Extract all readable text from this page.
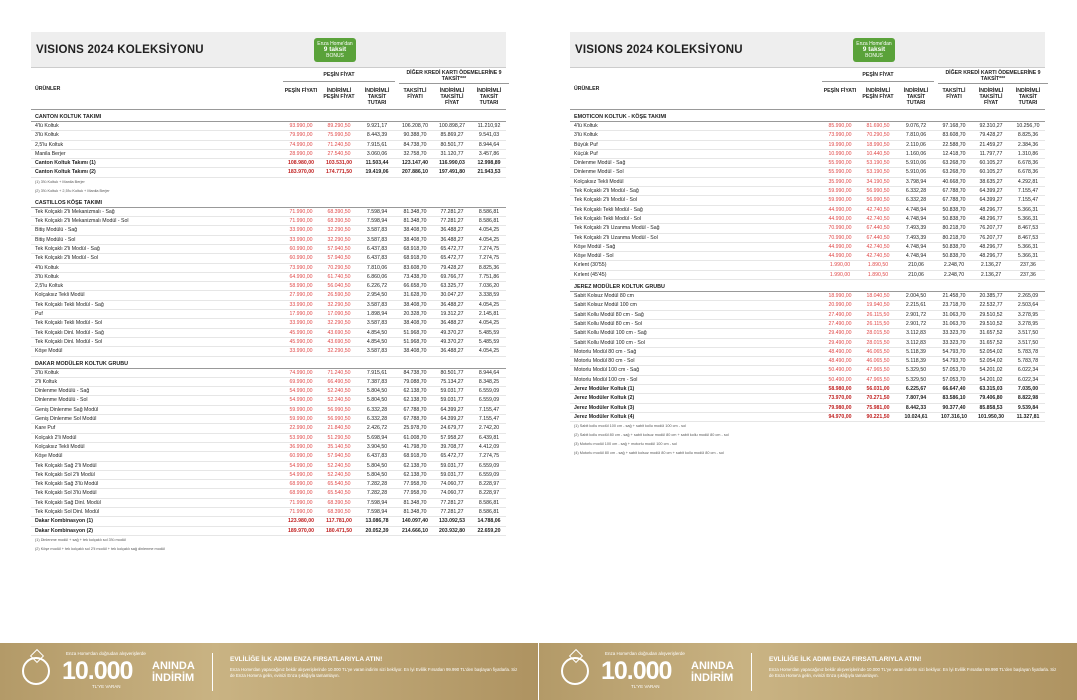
VISIONS 2024 KOLEKSİYONU	Enza Home'dan
9 taksit
BONUS
ÜRÜNLER
PEŞİN FİYAT	DİĞER KREDİ KARTI ÖDEMELERİNE 9 TAKSİT***
PEŞİN FİYATI	İNDİRİMLİ PEŞİN FİYAT
İNDİRİMLİ TAKSİT TUTARI
TAKSİTLİ FİYATI
İNDİRİMLİ TAKSİTLİ FİYAT
İNDİRİMLİ TAKSİT TUTARI
CANTON KOLTUK TAKIMI
4'lü Koltuk	93.990,00	89.290,50	9.921,17	106.208,70	100.898,27	11.210,92
3'lü Koltuk	79.990,00	75.990,50	8.443,39	90.388,70	85.869,27	9.541,03
2,5'lu Koltuk	74.990,00	71.240,50	7.915,61	84.738,70	80.501,77	8.944,64
Manila Berjer	28.990,00	27.540,50	3.060,06	32.758,70	31.120,77	3.457,86
Canton Koltuk Takımı (1)	108.980,00	103.531,00	11.503,44	123.147,40	116.990,03	12.998,89
Canton Koltuk Takımı (2)	183.970,00	174.771,50	19.419,06	207.886,10	197.491,80	21.943,53
(1) 3'lü Koltuk + Manila Berjer
(2) 3'lü Koltuk + 2,5'lu Koltuk + Manila Berjer
CASTILLOS KÖŞE TAKIMI
Tek Kolçaklı 2'li Mekanizmalı - Sağ	71.990,00	68.390,50	7.598,94	81.348,70	77.281,27	8.586,81
Tek Kolçaklı 2'li Mekanizmalı Modül - Sol	71.990,00	68.390,50	7.598,94	81.348,70	77.281,27	8.586,81
Bitiş Modülü - Sağ	33.990,00	32.290,50	3.587,83	38.408,70	36.488,27	4.054,25
Bitiş Modülü - Sol	33.990,00	32.290,50	3.587,83	38.408,70	36.488,27	4.054,25
Tek Kolçaklı 2'li Modül - Sağ	60.990,00	57.940,50	6.437,83	68.918,70	65.472,77	7.274,75
Tek Kolçaklı 2'li Modül - Sol	60.990,00	57.940,50	6.437,83	68.918,70	65.472,77	7.274,75
4'lü Koltuk	73.990,00	70.290,50	7.810,06	83.608,70	79.428,27	8.825,36
3'lü Koltuk	64.990,00	61.740,50	6.860,06	73.438,70	69.766,77	7.751,86
2,5'lu Koltuk	58.990,00	56.040,50	6.226,72	66.658,70	63.325,77	7.036,20
Kolçaksız Tekli Modül	27.990,00	26.590,50	2.954,50	31.628,70	30.047,27	3.338,59
Tek Kolçaklı Tekli Modül - Sağ	33.990,00	32.290,50	3.587,83	38.408,70	36.488,27	4.054,25
Puf	17.990,00	17.090,50	1.898,94	20.328,70	19.312,27	2.145,81
Tek Kolçaklı Tekli Modül - Sol	33.990,00	32.290,50	3.587,83	38.408,70	36.488,27	4.054,25
Tek Kolçaklı Dinl. Modül - Sağ	45.990,00	43.690,50	4.854,50	51.968,70	49.370,27	5.485,59
Tek Kolçaklı Dinl. Modül - Sol	45.990,00	43.690,50	4.854,50	51.968,70	49.370,27	5.485,59
Köşe Modül	33.990,00	32.290,50	3.587,83	38.408,70	36.488,27	4.054,25
DAKAR MODÜLER KOLTUK GRUBU
3'lü Koltuk	74.990,00	71.240,50	7.915,61	84.738,70	80.501,77	8.944,64
2'li Koltuk	69.990,00	66.490,50	7.387,83	79.088,70	75.134,27	8.348,25
Dinlenme Modülü - Sağ	54.990,00	52.240,50	5.804,50	62.138,70	59.031,77	6.559,09
Dinlenme Modülü - Sol	54.990,00	52.240,50	5.804,50	62.138,70	59.031,77	6.559,09
Geniş Dinlenme Sağ Modül	59.990,00	56.990,50	6.332,28	67.788,70	64.399,27	7.155,47
Geniş Dinlenme Sol Modül	59.990,00	56.990,50	6.332,28	67.788,70	64.399,27	7.155,47
Kare Puf	22.990,00	21.840,50	2.426,72	25.978,70	24.679,77	2.742,20
Kolçaklı 2'li Modül	53.990,00	51.290,50	5.698,94	61.008,70	57.958,27	6.439,81
Kolçaksız Tekli Modül	36.990,00	35.140,50	3.904,50	41.798,70	39.708,77	4.412,09
Köşe Modül	60.990,00	57.940,50	6.437,83	68.918,70	65.472,77	7.274,75
Tek Kolçaklı Sağ 2'li Modül	54.990,00	52.240,50	5.804,50	62.138,70	59.031,77	6.559,09
Tek Kolçaklı Sol 2'li Modül	54.990,00	52.240,50	5.804,50	62.138,70	59.031,77	6.559,09
Tek Kolçaklı Sağ 3'lü Modül	68.990,00	65.540,50	7.282,28	77.958,70	74.060,77	8.228,97
Tek Kolçaklı Sol 3'lü Modül	68.990,00	65.540,50	7.282,28	77.958,70	74.060,77	8.228,97
Tek Kolçaklı Sağ Dinl. Modül	71.990,00	68.390,50	7.598,94	81.348,70	77.281,27	8.586,81
Tek Kolçaklı Sol Dinl. Modül	71.990,00	68.390,50	7.598,94	81.348,70	77.281,27	8.586,81
Dakar Kombinasyon (1)	123.980,00	117.781,00	13.086,78	140.097,40	133.092,53	14.788,06
Dakar Kombinasyon (2)	189.970,00	180.471,50	20.052,39	214.666,10	203.932,80	22.659,20
(1) Dinlenme modül + sağ + tek kolçaklı sol 3'lü modül
(2) Köşe modül + tek kolçaklı sol 2'li modül + tek kolçaklı sağ dinlenme modül
VISIONS 2024 KOLEKSİYONU	Enza Home'dan
9 taksit
BONUS
ÜRÜNLER
PEŞİN FİYAT	DİĞER KREDİ KARTI ÖDEMELERİNE 9 TAKSİT***
PEŞİN FİYATI	İNDİRİMLİ PEŞİN FİYAT
İNDİRİMLİ TAKSİT TUTARI
TAKSİTLİ FİYATI
İNDİRİMLİ TAKSİTLİ FİYAT
İNDİRİMLİ TAKSİT TUTARI
EMOTICON KOLTUK - KÖŞE TAKIMI
4'lü Koltuk	85.990,00	81.690,50	9.076,72	97.168,70	92.310,27	10.256,70
3'lü Koltuk	73.990,00	70.290,50	7.810,06	83.608,70	79.428,27	8.825,36
Büyük Puf	19.990,00	18.990,50	2.110,06	22.588,70	21.459,27	2.384,36
Küçük Puf	10.990,00	10.440,50	1.160,06	12.418,70	11.797,77	1.310,86
Dinlenme Modül - Sağ	55.990,00	53.190,50	5.910,06	63.268,70	60.105,27	6.678,36
Dinlenme Modül - Sol	55.990,00	53.190,50	5.910,06	63.268,70	60.105,27	6.678,36
Kolçaksız Tekli Modül	35.990,00	34.190,50	3.798,94	40.668,70	38.635,27	4.292,81
Tek Kolçaklı 2'li Modül - Sağ	59.990,00	56.990,50	6.332,28	67.788,70	64.399,27	7.155,47
Tek Kolçaklı 2'li Modül - Sol	59.990,00	56.990,50	6.332,28	67.788,70	64.399,27	7.155,47
Tek Kolçaklı Tekli Modül - Sağ	44.990,00	42.740,50	4.748,94	50.838,70	48.296,77	5.366,31
Tek Kolçaklı Tekli Modül - Sol	44.990,00	42.740,50	4.748,94	50.838,70	48.296,77	5.366,31
Tek Kolçaklı 2'li Uzanma Modül - Sağ	70.990,00	67.440,50	7.493,39	80.218,70	76.207,77	8.467,53
Tek Kolçaklı 2'li Uzanma Modül - Sol	70.990,00	67.440,50	7.493,39	80.218,70	76.207,77	8.467,53
Köşe Modül - Sağ	44.990,00	42.740,50	4.748,94	50.838,70	48.296,77	5.366,31
Köşe Modül - Sol	44.990,00	42.740,50	4.748,94	50.838,70	48.296,77	5.366,31
Kırlent (30'55)	1.990,00	1.890,50	210,06	2.248,70	2.136,27	237,36
Kırlent (45'45)	1.990,00	1.890,50	210,06	2.248,70	2.136,27	237,36
JEREZ MODÜLER KOLTUK GRUBU
Sabit Kolsuz Modül 80 cm	18.990,00	18.040,50	2.004,50	21.458,70	20.385,77	2.265,09
Sabit Kolsuz Modül 100 cm	20.990,00	19.940,50	2.215,61	23.718,70	22.532,77	2.503,64
Sabit Kollu Modül 80 cm - Sağ	27.490,00	26.115,50	2.901,72	31.063,70	29.510,52	3.278,95
Sabit Kollu Modül 80 cm - Sol	27.490,00	26.115,50	2.901,72	31.063,70	29.510,52	3.278,95
Sabit Kollu Modül 100 cm - Sağ	29.490,00	28.015,50	3.112,83	33.323,70	31.657,52	3.517,50
Sabit Kollu Modül 100 cm - Sol	29.490,00	28.015,50	3.112,83	33.323,70	31.657,52	3.517,50
Motorlu Modül 80 cm - Sağ	48.490,00	46.065,50	5.118,39	54.793,70	52.054,02	5.783,78
Motorlu Modül 80 cm - Sol	48.490,00	46.065,50	5.118,39	54.793,70	52.054,02	5.783,78
Motorlu Modül 100 cm - Sağ	50.490,00	47.965,50	5.329,50	57.053,70	54.201,02	6.022,34
Motorlu Modül 100 cm - Sol	50.490,00	47.965,50	5.329,50	57.053,70	54.201,02	6.022,34
Jerez Modüler Koltuk (1)	58.980,00	56.031,00	6.225,67	66.647,40	63.315,03	7.035,00
Jerez Modüler Koltuk (2)	73.970,00	70.271,50	7.807,94	83.586,10	79.406,80	8.822,98
Jerez Modüler Koltuk (3)	79.980,00	75.981,00	8.442,33	90.377,40	85.858,53	9.539,84
Jerez Modüler Koltuk (4)	94.970,00	90.221,50	10.024,61	107.316,10	101.950,30	11.327,81
(1) Sabit kollu modül 100 cm - sağ + sabit kollu modül 100 cm - sol
(2) Sabit kollu modül 80 cm - sağ + sabit kolsuz modül 80 cm + sabit kollu modül 80 cm - sol
(3) Motorlu modül 100 cm - sağ + motorlu modül 100 cm - sol
(4) Motorlu modül 80 cm - sağ + sabit kolsuz modül 80 cm + sabit kollu modül 80 cm - sol
Enza Home'dan doğrudan alışverişlerde
10.000
TL'YE VARAN
ANINDA
İNDİRİM
EVLİLİĞE İLK ADIMI ENZA FIRSATLARIYLA ATIN!
Enza Home'dan yapacağınız bekâr alışverişlerinde 10.000 TL'ye varan indirim sizi bekliyor. En İyi Evlilik Fırsatları 99.990 TL'den başlayan fiyatlarla. Siz de Enza Home'a gelin, evinizi Enza şıklığıyla tamamlayın.
Enza Home'dan doğrudan alışverişlerde
10.000
TL'YE VARAN
ANINDA
İNDİRİM
EVLİLİĞE İLK ADIMI ENZA FIRSATLARIYLA ATIN!
Enza Home'dan yapacağınız bekâr alışverişlerinde 10.000 TL'ye varan indirim sizi bekliyor. En İyi Evlilik Fırsatları 99.990 TL'den başlayan fiyatlarla. Siz de Enza Home'a gelin, evinizi Enza şıklığıyla tamamlayın.
